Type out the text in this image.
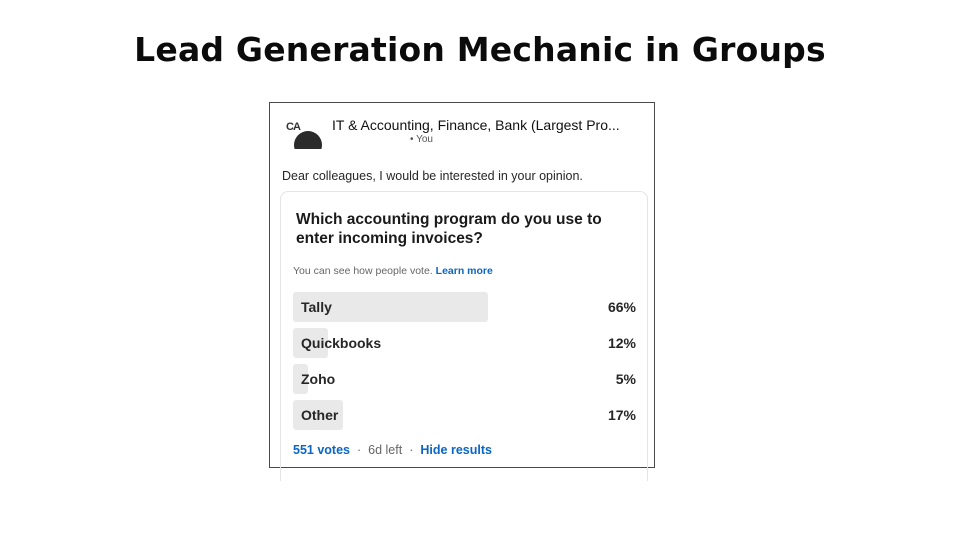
Lead Generation Mechanic in Groups
CA IT & Accounting, Finance, Bank (Largest Pro...
• You
Dear colleagues, I would be interested in your opinion.
Which accounting program do you use to enter incoming invoices?
You can see how people vote. Learn more
Tally	66%
Quickbooks	12%
Zoho	5%
Other	17%
551 votes · 6d left · Hide results
